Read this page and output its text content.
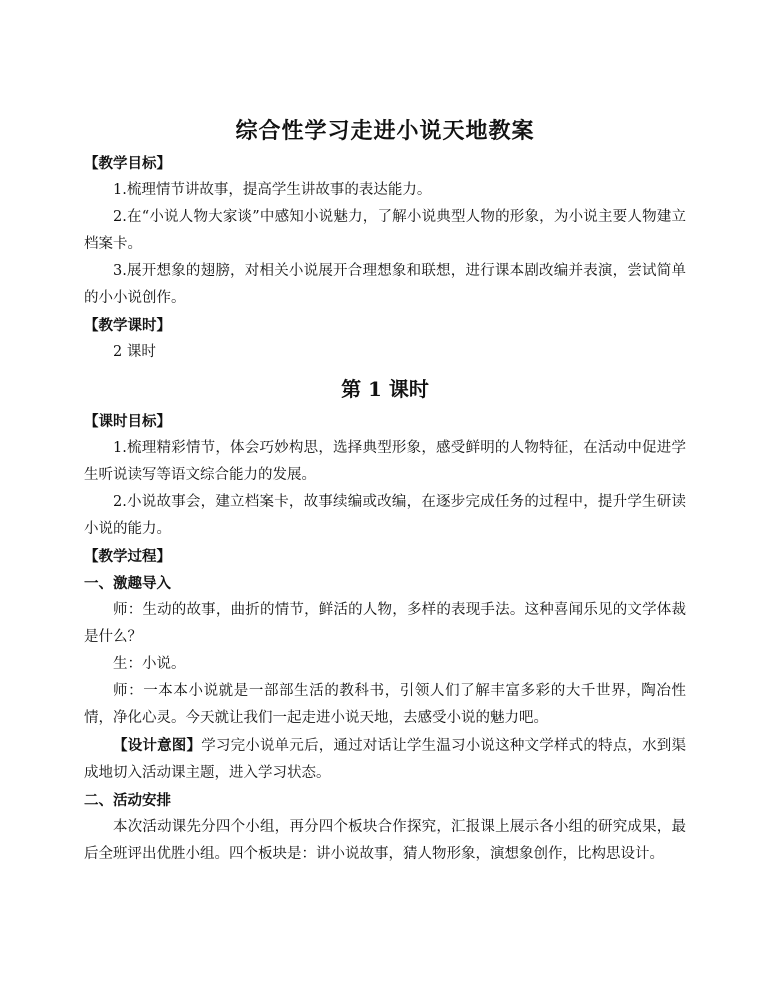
综合性学习走进小说天地教案

【教学目标】

1.梳理情节讲故事，提高学生讲故事的表达能力。

2.在“小说人物大家谈”中感知小说魅力，了解小说典型人物的形象，为小说主要人物建立档案卡。

3.展开想象的翅膀，对相关小说展开合理想象和联想，进行课本剧改编并表演，尝试简单的小小说创作。

【教学课时】

2 课时

第 1 课时

【课时目标】

1.梳理精彩情节，体会巧妙构思，选择典型形象，感受鲜明的人物特征，在活动中促进学生听说读写等语文综合能力的发展。

2.小说故事会，建立档案卡，故事续编或改编，在逐步完成任务的过程中，提升学生研读小说的能力。

【教学过程】

一、激趣导入

师：生动的故事，曲折的情节，鲜活的人物，多样的表现手法。这种喜闻乐见的文学体裁是什么？

生：小说。

师：一本本小说就是一部部生活的教科书，引领人们了解丰富多彩的大千世界，陶冶性情，净化心灵。今天就让我们一起走进小说天地，去感受小说的魅力吧。

【设计意图】学习完小说单元后，通过对话让学生温习小说这种文学样式的特点，水到渠成地切入活动课主题，进入学习状态。

二、活动安排

本次活动课先分四个小组，再分四个板块合作探究，汇报课上展示各小组的研究成果，最后全班评出优胜小组。四个板块是：讲小说故事，猜人物形象，演想象创作，比构思设计。
